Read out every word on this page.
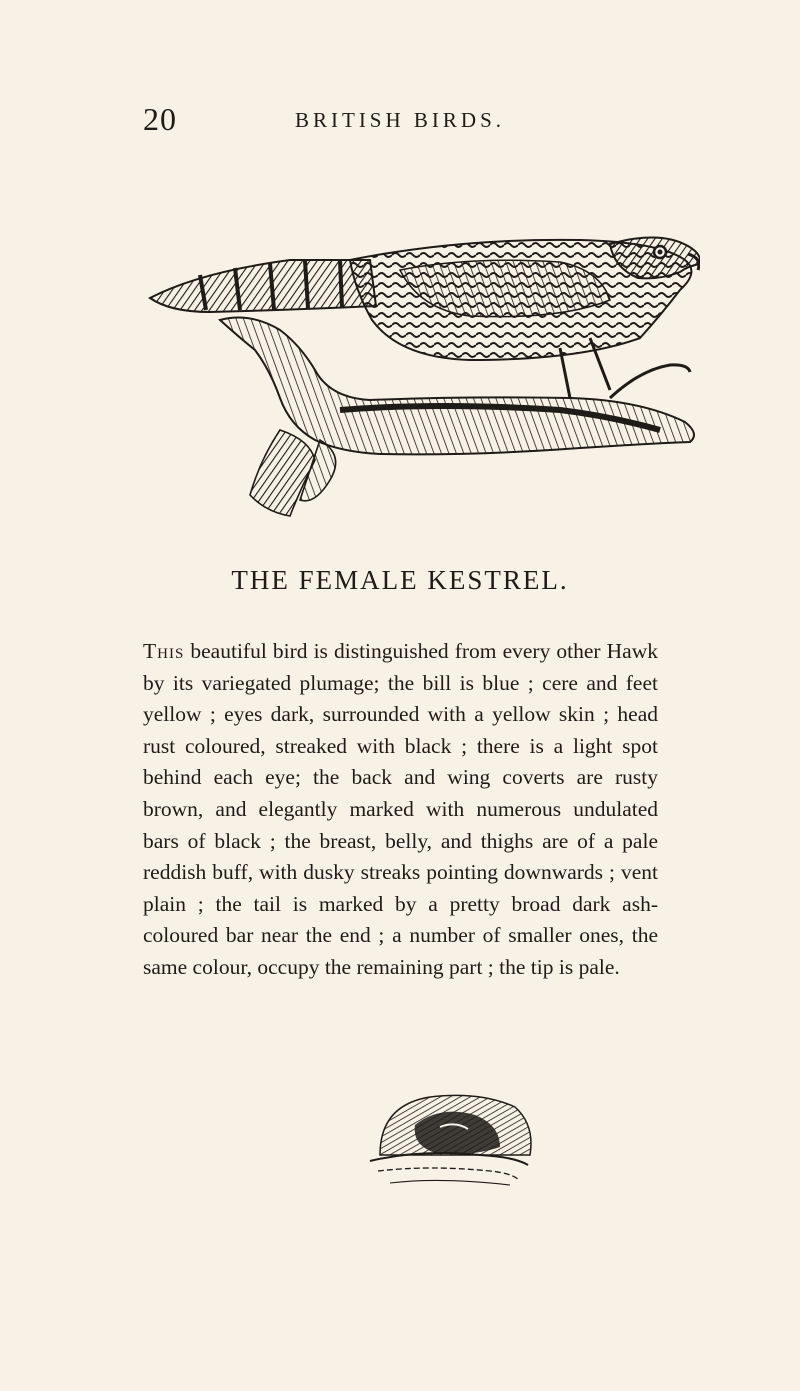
20	BRITISH BIRDS.
THE FEMALE KESTREL.
This beautiful bird is distinguished from every other Hawk by its variegated plumage; the bill is blue ; cere and feet yellow ; eyes dark, surrounded with a yellow skin ; head rust coloured, streaked with black ; there is a light spot behind each eye; the back and wing coverts are rusty brown, and elegantly marked with numerous undulated bars of black ; the breast, belly, and thighs are of a pale reddish buff, with dusky streaks pointing downwards ; vent plain ; the tail is marked by a pretty broad dark ash-coloured bar near the end ; a number of smaller ones, the same colour, occupy the remaining part ; the tip is pale.
